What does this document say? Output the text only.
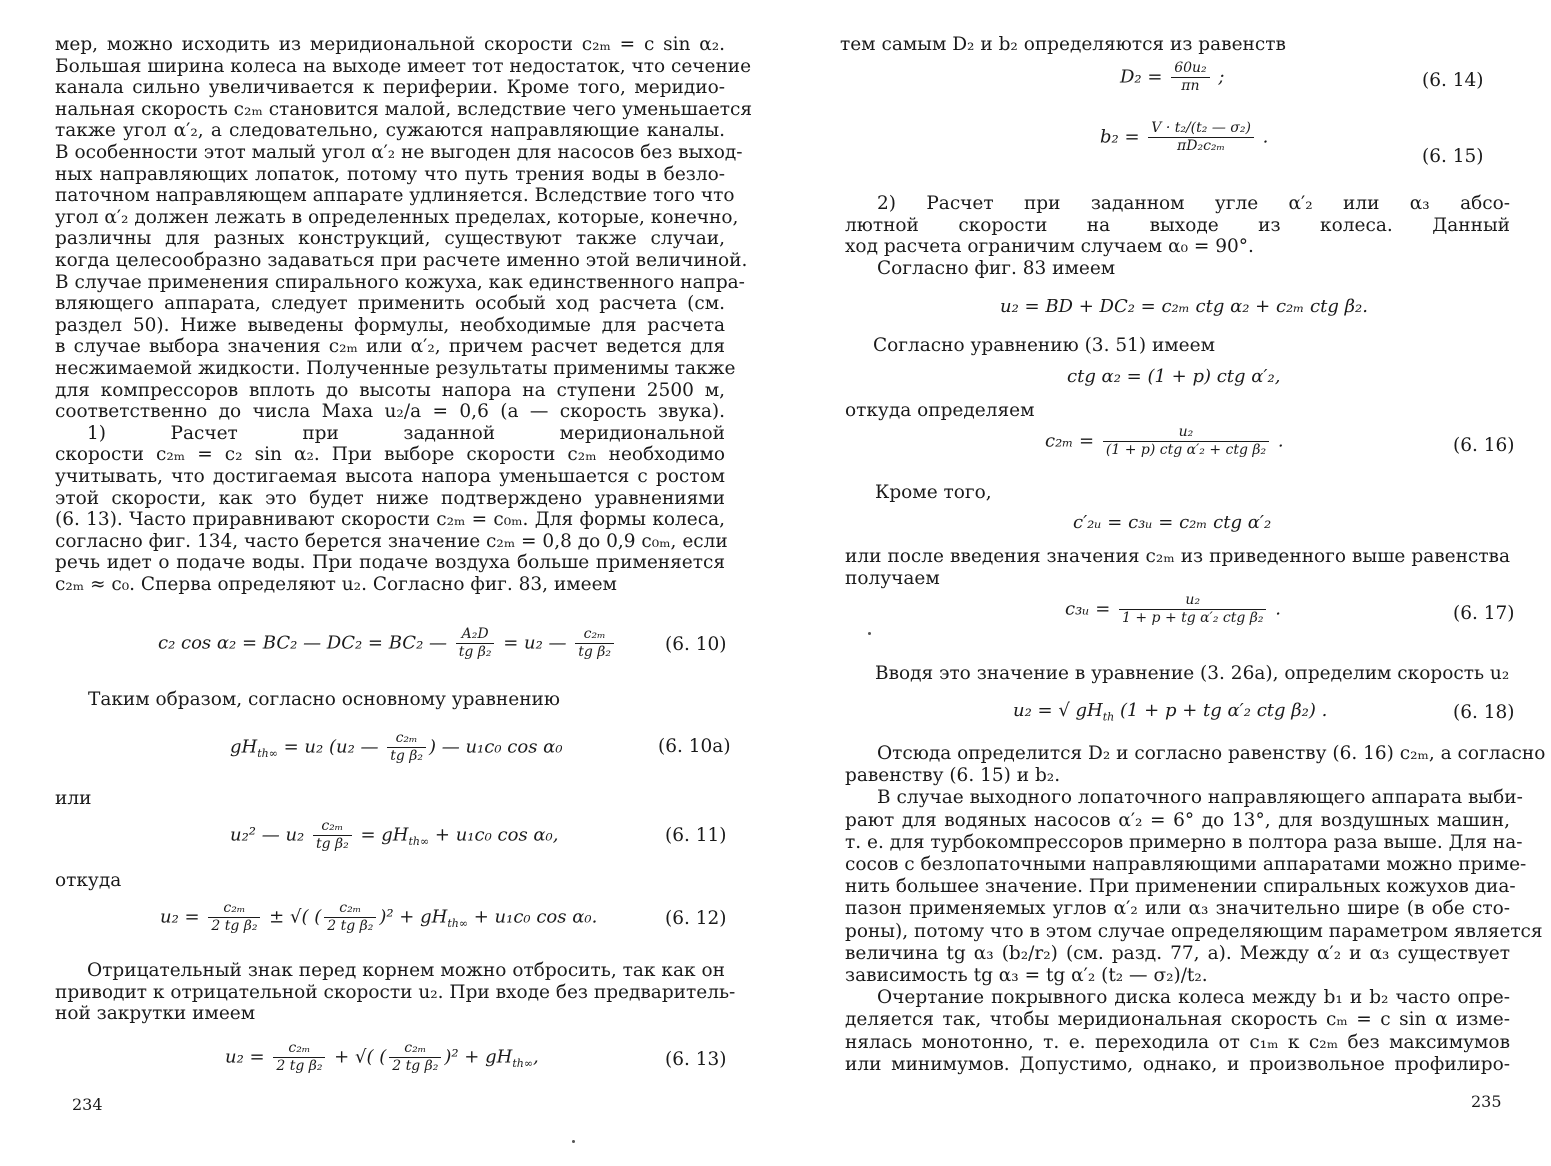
мер, можно исходить из меридиональной скорости c₂ₘ = c sin α₂.
Большая ширина колеса на выходе имеет тот недостаток, что сечение
канала сильно увеличивается к периферии. Кроме того, меридио-
нальная скорость c₂ₘ становится малой, вследствие чего уменьшается
также угол α′₂, а следовательно, сужаются направляющие каналы.
В особенности этот малый угол α′₂ не выгоден для насосов без выход-
ных направляющих лопаток, потому что путь трения воды в безло-
паточном направляющем аппарате удлиняется. Вследствие того что
угол α′₂ должен лежать в определенных пределах, которые, конечно,
различны для разных конструкций, существуют также случаи,
когда целесообразно задаваться при расчете именно этой величиной.
В случае применения спирального кожуха, как единственного напра-
вляющего аппарата, следует применить особый ход расчета (см.
раздел 50). Ниже выведены формулы, необходимые для расчета
в случае выбора значения c₂ₘ или α′₂, причем расчет ведется для
несжимаемой жидкости. Полученные результаты применимы также
для компрессоров вплоть до высоты напора на ступени 2500 м,
соответственно до числа Маха u₂/a = 0,6 (a — скорость звука).
1) Расчет при заданной меридиональной
скорости c₂ₘ = c₂ sin α₂. При выборе скорости c₂ₘ необходимо
учитывать, что достигаемая высота напора уменьшается с ростом
этой скорости, как это будет ниже подтверждено уравнениями
(6. 13). Часто приравнивают скорости c₂ₘ = c₀ₘ. Для формы колеса,
согласно фиг. 134, часто берется значение c₂ₘ = 0,8 до 0,9 c₀ₘ, если
речь идет о подаче воды. При подаче воздуха больше применяется
c₂ₘ ≈ c₀. Сперва определяют u₂. Согласно фиг. 83, имеем
c₂ cos α₂ = BC₂ — DC₂ = BC₂ — $\frac{\text{A₂D}}{\text{tg β₂}} = u_2$ — $\frac{\text{c₂ₘ}}{\text{tg β₂}}$	(6. 10)
Таким образом, согласно основному уравнению
$gH_{th\infty} = u_2$ (u₂ — $\frac{\text{c₂ₘ}}{\text{tg β₂}}$ ) — u₁c₀ cos α₀	(6. 10a)
или
u₂² — $u_2 \frac{\text{c₂ₘ}}{\text{tg β₂}} = gH_{th\infty} + u_1c_0$ cos α₀,	(6. 11)
откуда
$u_2 = \frac{\text{c₂ₘ}}{\text{2 tg β₂}}$ ± √( ( $\frac{\text{c₂ₘ}}{\text{2 tg β₂}} )^2 + gH_{th\infty} + u_1c_0$ cos α₀.	(6. 12)
Отрицательный знак перед корнем можно отбросить, так как он
приводит к отрицательной скорости u₂. При входе без предваритель-
ной закрутки имеем
$u_2 = \frac{\text{c₂ₘ}}{\text{2 tg β₂}}$ + √( ( $\frac{\text{c₂ₘ}}{\text{2 tg β₂}} )^2 + gH_{th\infty}$,	(6. 13)
234
тем самым D₂ и b₂ определяются из равенств
$D_2 = \frac{\text{60u₂}}{\pi n}$ ;	(6. 14)
$b_2 = \frac{\text{V · t₂/(t₂ — σ₂)}}{\text{πD₂c₂ₘ}}$ .
(6. 15)
2) Расчет при заданном угле α′₂ или α₃ абсо-
лютной скорости на выходе из колеса. Данный
ход расчета ограничим случаем α₀ = 90°.
Согласно фиг. 83 имеем
u₂ = BD + DC₂ = c₂ₘ ctg α₂ + c₂ₘ ctg β₂.
Согласно уравнению (3. 51) имеем
ctg α₂ = (1 + p) ctg α′₂,
откуда определяем
$c_{2m} = \frac{\text{u₂}}{\text{(1 + p) ctg α′₂ + ctg β₂}}$ .	(6. 16)
Кроме того,
c′₂ᵤ = c₃ᵤ = c₂ₘ ctg α′₂
или после введения значения c₂ₘ из приведенного выше равенства
получаем
c₃ᵤ = $\frac{\text{u₂}}{\text{1 + p + tg α′₂ ctg β₂}}$ .	(6. 17)
Вводя это значение в уравнение (3. 26a), определим скорость u₂
u₂ = √ $gH_{th}$ (1 + p + tg α′₂ ctg β₂) .	(6. 18)
Отсюда определится D₂ и согласно равенству (6. 16) c₂ₘ, а согласно
равенству (6. 15) и b₂.
В случае выходного лопаточного направляющего аппарата выби-
рают для водяных насосов α′₂ = 6° до 13°, для воздушных машин,
т. е. для турбокомпрессоров примерно в полтора раза выше. Для на-
сосов с безлопаточными направляющими аппаратами можно приме-
нить большее значение. При применении спиральных кожухов диа-
пазон применяемых углов α′₂ или α₃ значительно шире (в обе сто-
роны), потому что в этом случае определяющим параметром является
величина tg α₃ (b₂/r₂) (см. разд. 77, а). Между α′₂ и α₃ существует
зависимость tg α₃ = tg α′₂ (t₂ — σ₂)/t₂.
Очертание покрывного диска колеса между b₁ и b₂ часто опре-
деляется так, чтобы меридиональная скорость cₘ = c sin α изме-
нялась монотонно, т. е. переходила от c₁ₘ к c₂ₘ без максимумов
или минимумов. Допустимо, однако, и произвольное профилиро-
235
